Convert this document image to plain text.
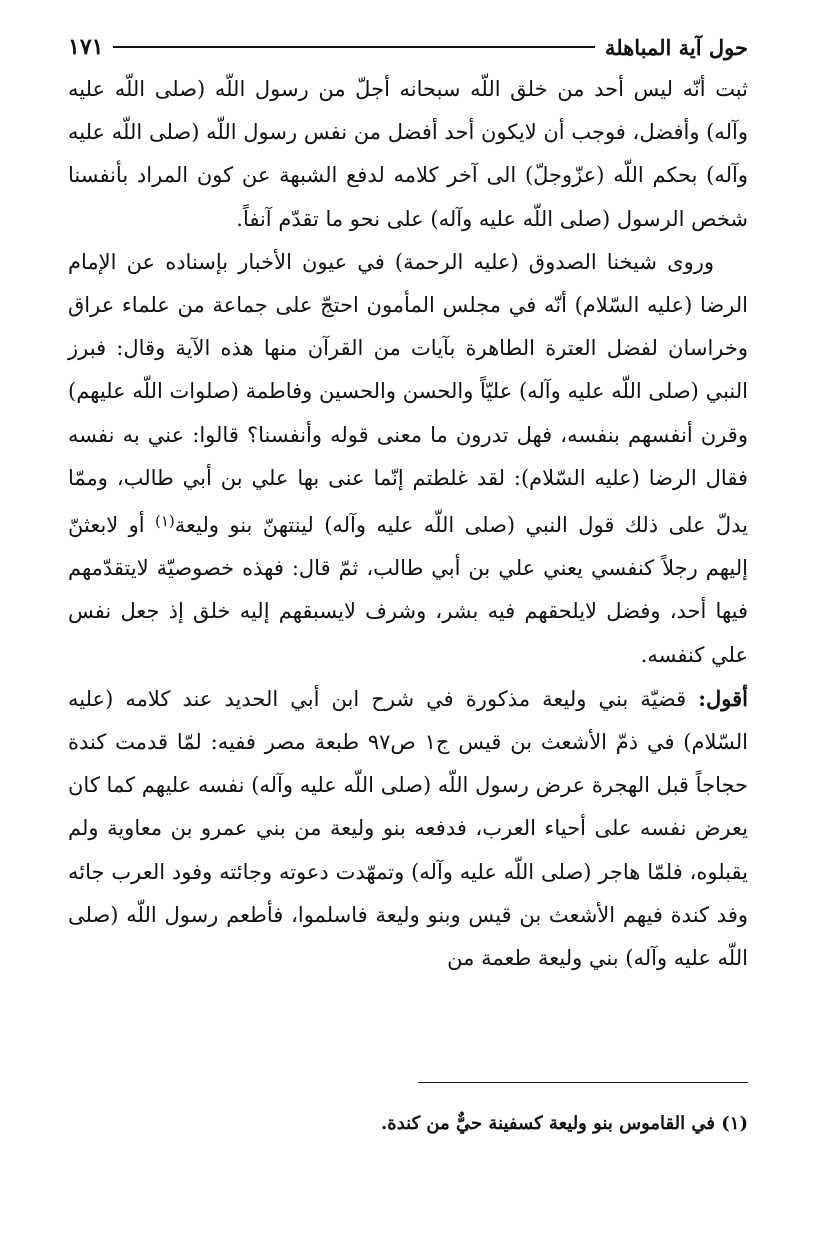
حول آية المباهلة
١٧١

ثبت أنّه ليس أحد من خلق اللّه سبحانه أجلّ من رسول اللّه (صلى اللّه عليه وآله) وأفضل، فوجب أن لايكون أحد أفضل من نفس رسول اللّه (صلى اللّه عليه وآله) بحكم اللّه (عزّوجلّ) الى آخر كلامه لدفع الشبهة عن كون المراد بأنفسنا شخص الرسول (صلى اللّه عليه وآله) على نحو ما تقدّم آنفاً.

وروى شيخنا الصدوق (عليه الرحمة) في عيون الأخبار بإسناده عن الإمام الرضا (عليه السّلام) أنّه في مجلس المأمون احتجّ على جماعة من علماء عراق وخراسان لفضل العترة الطاهرة بآيات من القرآن منها هذه الآية وقال: فبرز النبي (صلى اللّه عليه وآله) عليّاً والحسن والحسين وفاطمة (صلوات اللّه عليهم) وقرن أنفسهم بنفسه، فهل تدرون ما معنى قوله وأنفسنا؟ قالوا: عني به نفسه فقال الرضا (عليه السّلام): لقد غلطتم إنّما عنى بها علي بن أبي طالب، وممّا يدلّ على ذلك قول النبي (صلى اللّه عليه وآله) لينتهنّ بنو وليعة$^{(١)}$ أو لابعثنّ إليهم رجلاً كنفسي يعني علي بن أبي طالب، ثمّ قال: فهذه خصوصيّة لايتقدّمهم فيها أحد، وفضل لايلحقهم فيه بشر، وشرف لايسبقهم إليه خلق إذ جعل نفس علي كنفسه.

أقول: قضيّة بني وليعة مذكورة في شرح ابن أبي الحديد عند كلامه (عليه السّلام) في ذمّ الأشعث بن قيس ج١ ص٩٧ طبعة مصر ففيه: لمّا قدمت كندة حجاجاً قبل الهجرة عرض رسول اللّه (صلى اللّه عليه وآله) نفسه عليهم كما كان يعرض نفسه على أحياء العرب، فدفعه بنو وليعة من بني عمرو بن معاوية ولم يقبلوه، فلمّا هاجر (صلى اللّه عليه وآله) وتمهّدت دعوته وجائته وفود العرب جائه وفد كندة فيهم الأشعث بن قيس وبنو وليعة فاسلموا، فأطعم رسول اللّه (صلى اللّه عليه وآله) بني وليعة طعمة من

(١) في القاموس بنو وليعة كسفينة حيٌّ من كندة.
